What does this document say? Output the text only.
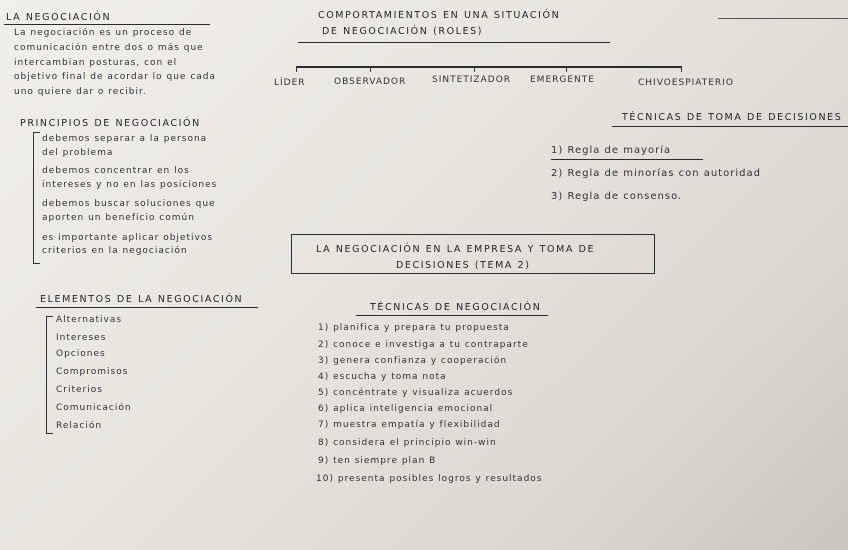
LA NEGOCIACIÓN
La negociación es un proceso de
comunicación entre dos o más que
intercambian posturas, con el
objetivo final de acordar lo que cada
uno quiere dar o recibir.
COMPORTAMIENTOS EN UNA SITUACIÓN
DE NEGOCIACIÓN (ROLES)
LÍDER	OBSERVADOR	SINTETIZADOR EMERGENTE	CHIVOESPIATERIO
PRINCIPIOS DE NEGOCIACIÓN
debemos separar a la persona
del problema
debemos concentrar en los
intereses y no en las posiciones
debemos buscar soluciones que
aporten un beneficio común
es importante aplicar objetivos
criterios en la negociación
TÉCNICAS DE TOMA DE DECISIONES
1) Regla de mayoría
2) Regla de minorías con autoridad
3) Regla de consenso.
LA NEGOCIACIÓN EN LA EMPRESA Y TOMA DE
DECISIONES (TEMA 2)
ELEMENTOS DE LA NEGOCIACIÓN
Alternativas
Intereses
Opciones
Compromisos
Criterios
Comunicación
Relación
TÉCNICAS DE NEGOCIACIÓN
1) planifica y prepara tu propuesta
2) conoce e investiga a tu contraparte
3) genera confianza y cooperación
4) escucha y toma nota
5) concéntrate y visualiza acuerdos
6) aplica inteligencia emocional
7) muestra empatía y flexibilidad
8) considera el principio win-win
9) ten siempre plan B
10) presenta posibles logros y resultados
